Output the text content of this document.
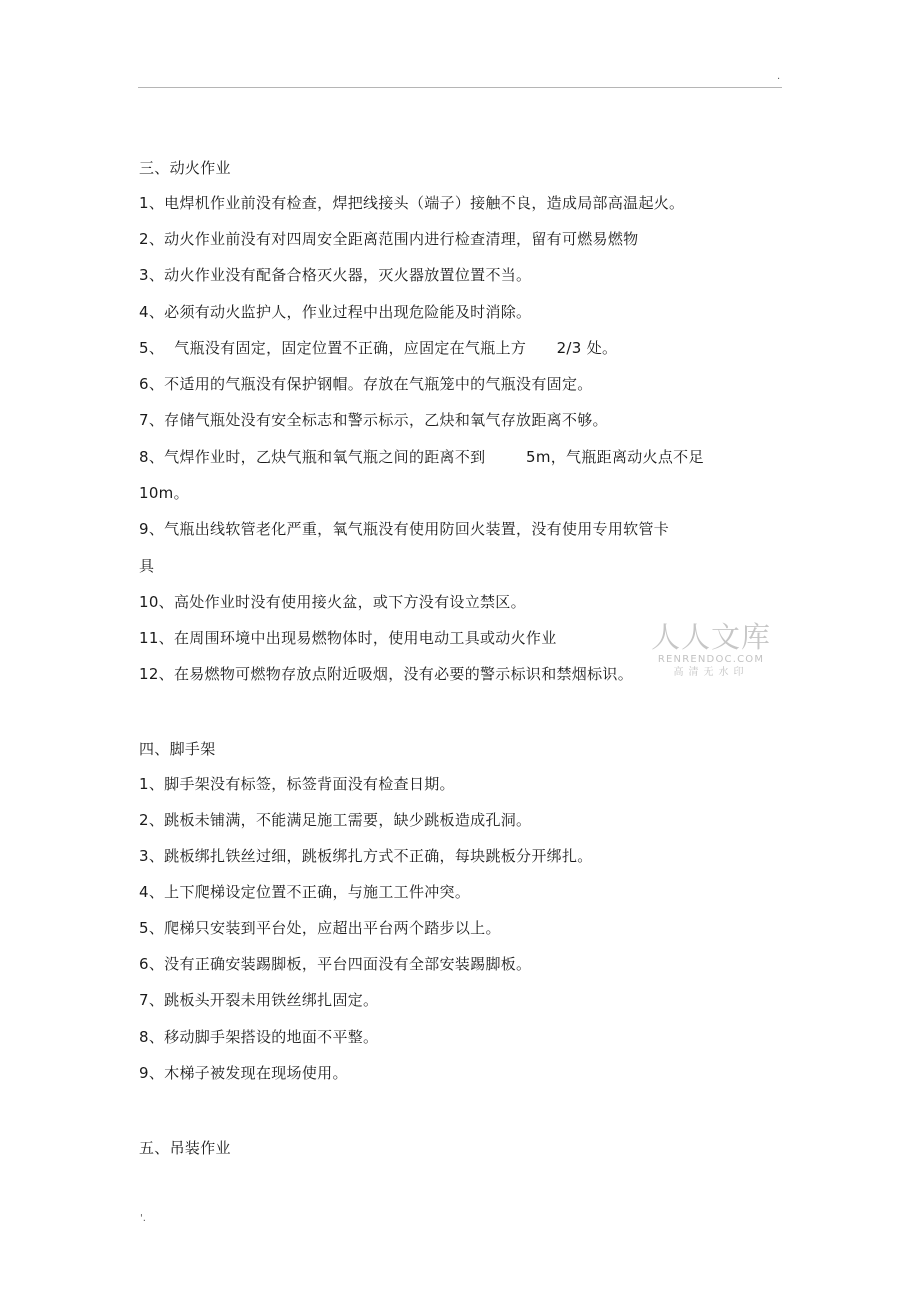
.
三、动火作业
1、电焊机作业前没有检查，焊把线接头（端子）接触不良，造成局部高温起火。
2、动火作业前没有对四周安全距离范围内进行检查清理，留有可燃易燃物
3、动火作业没有配备合格灭火器，灭火器放置位置不当。
4、必须有动火监护人，作业过程中出现危险能及时消除。
5、  气瓶没有固定，固定位置不正确，应固定在气瓶上方      2/3 处。
6、不适用的气瓶没有保护钢帽。存放在气瓶笼中的气瓶没有固定。
7、存储气瓶处没有安全标志和警示标示，乙炔和氧气存放距离不够。
8、气焊作业时，乙炔气瓶和氧气瓶之间的距离不到        5m，气瓶距离动火点不足
10m。
9、气瓶出线软管老化严重，氧气瓶没有使用防回火装置，没有使用专用软管卡
具
10、高处作业时没有使用接火盆，或下方没有设立禁区。
11、在周围环境中出现易燃物体时，使用电动工具或动火作业
12、在易燃物可燃物存放点附近吸烟，没有必要的警示标识和禁烟标识。
四、脚手架
1、脚手架没有标签，标签背面没有检查日期。
2、跳板未铺满，不能满足施工需要，缺少跳板造成孔洞。
3、跳板绑扎铁丝过细，跳板绑扎方式不正确，每块跳板分开绑扎。
4、上下爬梯设定位置不正确，与施工工件冲突。
5、爬梯只安装到平台处，应超出平台两个踏步以上。
6、没有正确安装踢脚板，平台四面没有全部安装踢脚板。
7、跳板头开裂未用铁丝绑扎固定。
8、移动脚手架搭设的地面不平整。
9、木梯子被发现在现场使用。
五、吊装作业
'.
人人文库
RENRENDOC.COM
高清无水印
